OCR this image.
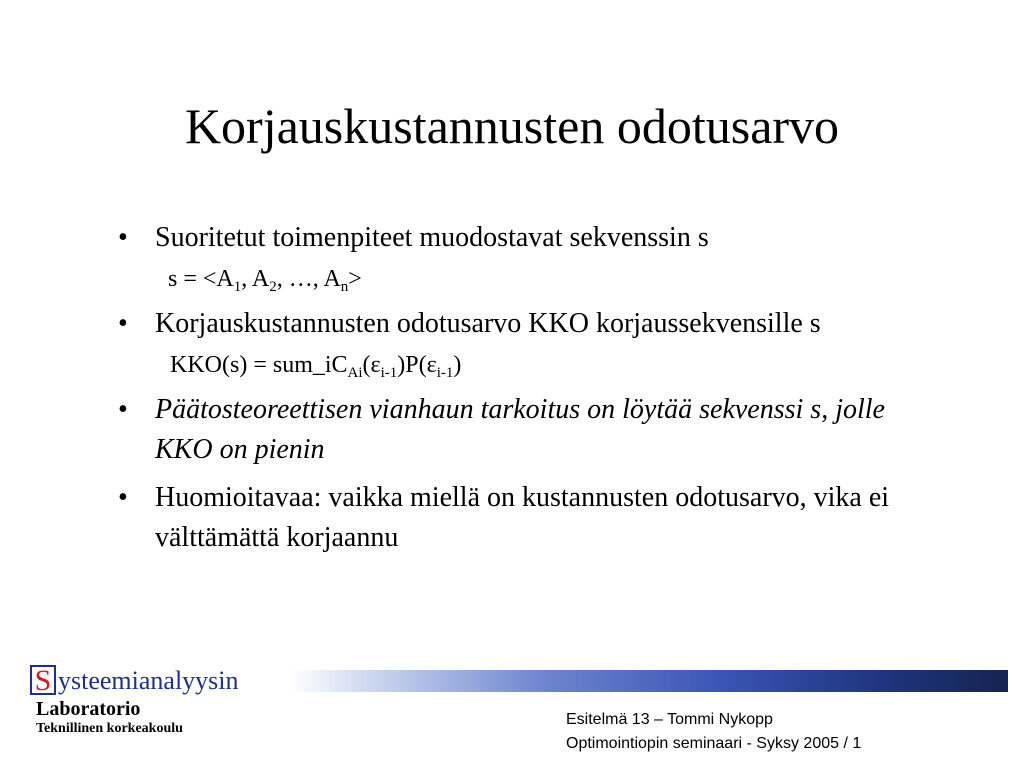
Korjauskustannusten odotusarvo
• Suoritetut toimenpiteet muodostavat sekvenssin s
$s = <A_1$, $A_2$, …, $A_n>$
• Korjauskustannusten odotusarvo KKO korjaussekvensille s
$KKO(s) = sum\_iC_{Ai}(\varepsilon_{i-1})P(\varepsilon_{i-1})$
• Päätosteoreettisen vianhaun tarkoitus on löytää sekvenssi s, jolle KKO on pienin
• Huomioitavaa: vaikka miellä on kustannusten odotusarvo, vika ei välttämättä korjaannu
S ysteemianalyysin
Laboratorio
Teknillinen korkeakoulu
Esitelmä 13 – Tommi Nykopp
Optimointiopin seminaari - Syksy 2005 / 1
